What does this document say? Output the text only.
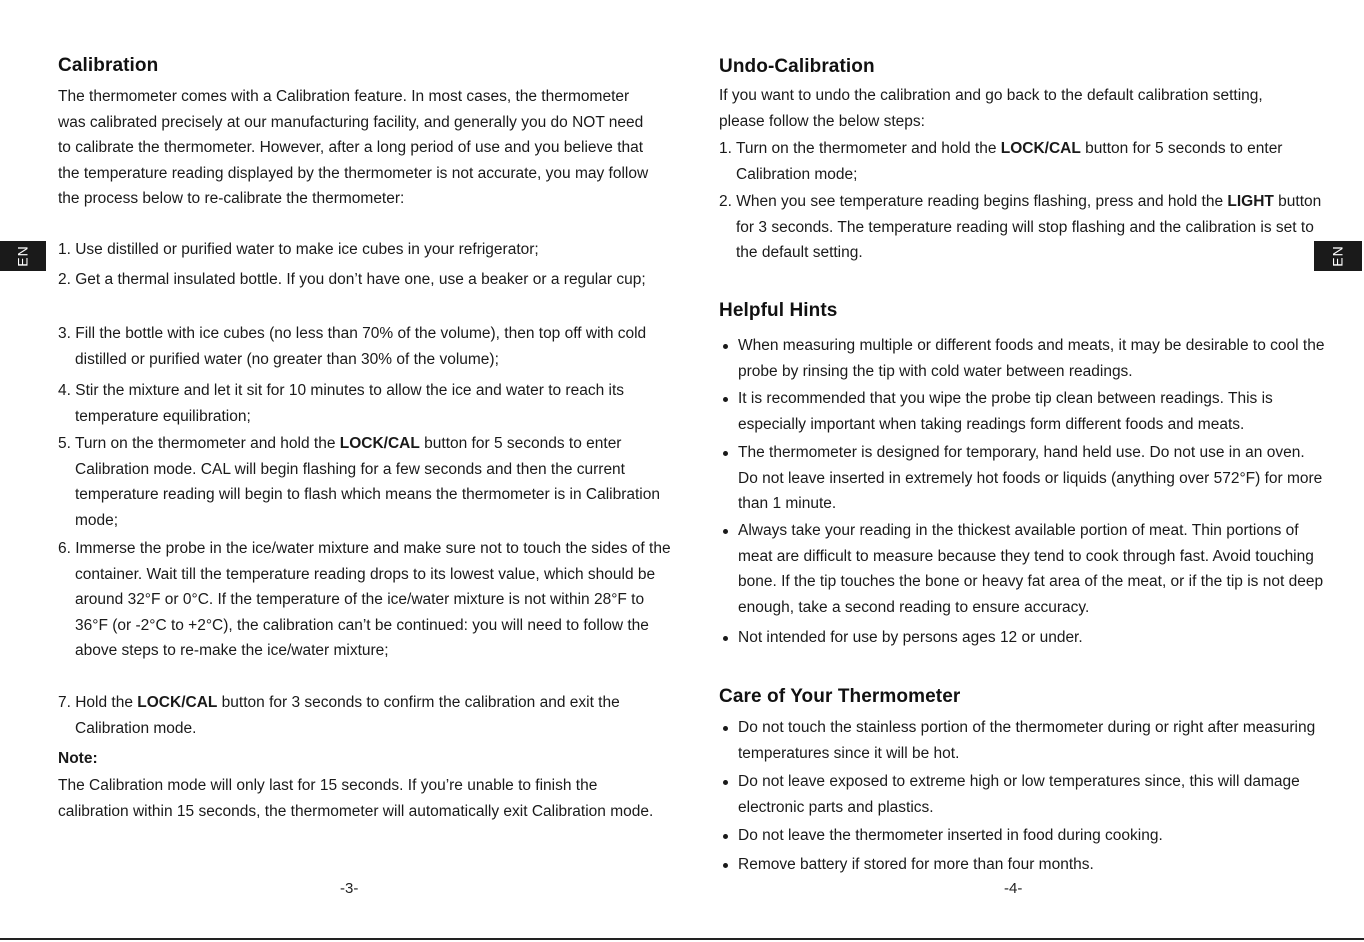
EN
Calibration

The thermometer comes with a Calibration feature. In most cases, the thermometer was calibrated precisely at our manufacturing facility, and generally you do NOT need to calibrate the thermometer. However, after a long period of use and you believe that the temperature reading displayed by the thermometer is not accurate, you may follow the process below to re-calibrate the thermometer:

1. Use distilled or purified water to make ice cubes in your refrigerator;

2. Get a thermal insulated bottle. If you don’t have one, use a beaker or a regular cup;

3. Fill the bottle with ice cubes (no less than 70% of the volume), then top off with cold distilled or purified water (no greater than 30% of the volume);

4. Stir the mixture and let it sit for 10 minutes to allow the ice and water to reach its temperature equilibration;

5. Turn on the thermometer and hold the LOCK/CAL button for 5 seconds to enter Calibration mode. CAL will begin flashing for a few seconds and then the current temperature reading will begin to flash which means the thermometer is in Calibration mode;

6. Immerse the probe in the ice/water mixture and make sure not to touch the sides of the container. Wait till the temperature reading drops to its lowest value, which should be around 32°F or 0°C. If the temperature of the ice/water mixture is not within 28°F to 36°F (or -2°C to +2°C), the calibration can’t be continued: you will need to follow the above steps to re-make the ice/water mixture;

7. Hold the LOCK/CAL button for 3 seconds to confirm the calibration and exit the Calibration mode.

Note:

The Calibration mode will only last for 15 seconds. If you’re unable to finish the calibration within 15 seconds, the thermometer will automatically exit Calibration mode.

-3-
Undo-Calibration

If you want to undo the calibration and go back to the default calibration setting, please follow the below steps:

1. Turn on the thermometer and hold the LOCK/CAL button for 5 seconds to enter Calibration mode;

2. When you see temperature reading begins flashing, press and hold the LIGHT button for 3 seconds. The temperature reading will stop flashing and the calibration is set to the default setting.

Helpful Hints

When measuring multiple or different foods and meats, it may be desirable to cool the probe by rinsing the tip with cold water between readings.

It is recommended that you wipe the probe tip clean between readings. This is especially important when taking readings form different foods and meats.

The thermometer is designed for temporary, hand held use. Do not use in an oven. Do not leave inserted in extremely hot foods or liquids (anything over 572°F) for more than 1 minute.

Always take your reading in the thickest available portion of meat. Thin portions of meat are difficult to measure because they tend to cook through fast. Avoid touching bone. If the tip touches the bone or heavy fat area of the meat, or if the tip is not deep enough, take a second reading to ensure accuracy.

Not intended for use by persons ages 12 or under.

Care of Your Thermometer

Do not touch the stainless portion of the thermometer during or right after measuring temperatures since it will be hot.

Do not leave exposed to extreme high or low temperatures since, this will damage electronic parts and plastics.

Do not leave the thermometer inserted in food during cooking.

Remove battery if stored for more than four months.

-4-
EN
